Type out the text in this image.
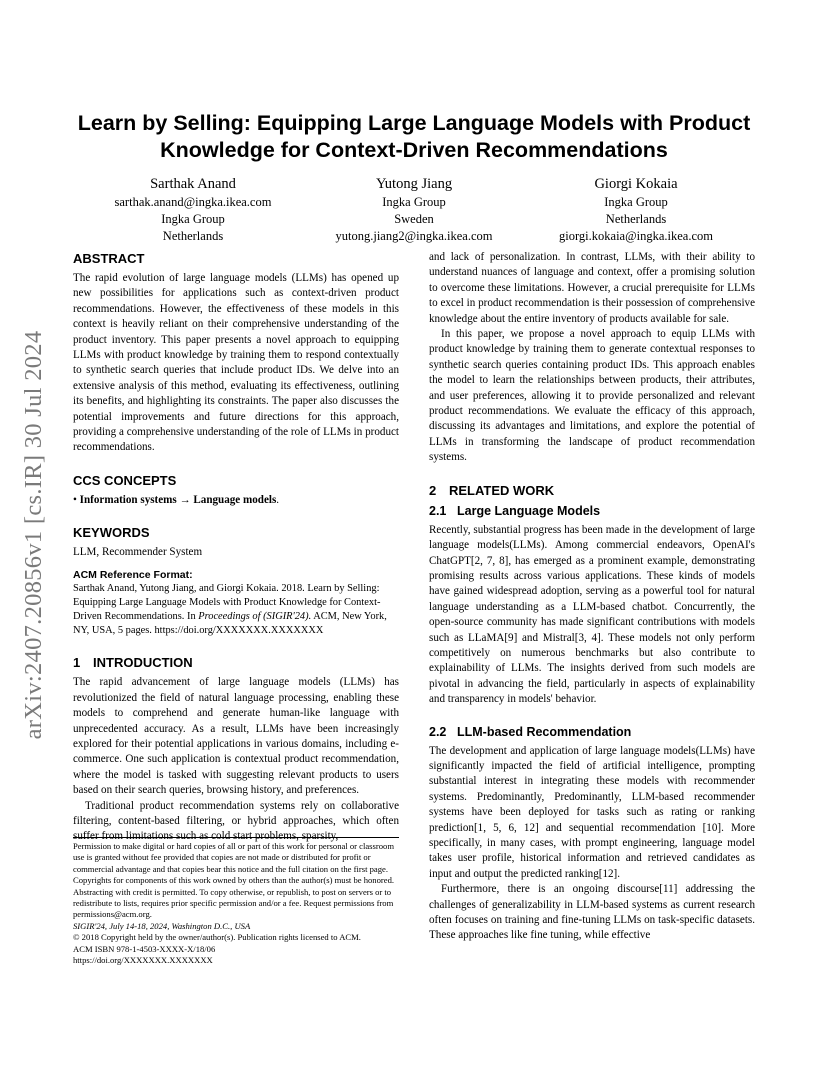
arXiv:2407.20856v1 [cs.IR] 30 Jul 2024
Learn by Selling: Equipping Large Language Models with Product
Knowledge for Context-Driven Recommendations
Sarthak Anand
sarthak.anand@ingka.ikea.com
Ingka Group
Netherlands
Yutong Jiang
Ingka Group
Sweden
yutong.jiang2@ingka.ikea.com
Giorgi Kokaia
Ingka Group
Netherlands
giorgi.kokaia@ingka.ikea.com
ABSTRACT

The rapid evolution of large language models (LLMs) has opened up new possibilities for applications such as context-driven product recommendations. However, the effectiveness of these models in this context is heavily reliant on their comprehensive understanding of the product inventory. This paper presents a novel approach to equipping LLMs with product knowledge by training them to respond contextually to synthetic search queries that include product IDs. We delve into an extensive analysis of this method, evaluating its effectiveness, outlining its benefits, and highlighting its constraints. The paper also discusses the potential improvements and future directions for this approach, providing a comprehensive understanding of the role of LLMs in product recommendations.

CCS CONCEPTS

• Information systems → Language models.

KEYWORDS

LLM, Recommender System

ACM Reference Format:

Sarthak Anand, Yutong Jiang, and Giorgi Kokaia. 2018. Learn by Selling: Equipping Large Language Models with Product Knowledge for Context-Driven Recommendations. In Proceedings of (SIGIR'24). ACM, New York, NY, USA, 5 pages. https://doi.org/XXXXXXX.XXXXXXX

1 INTRODUCTION

The rapid advancement of large language models (LLMs) has revolutionized the field of natural language processing, enabling these models to comprehend and generate human-like language with unprecedented accuracy. As a result, LLMs have been increasingly explored for their potential applications in various domains, including e-commerce. One such application is contextual product recommendation, where the model is tasked with suggesting relevant products to users based on their search queries, browsing history, and preferences.

Traditional product recommendation systems rely on collaborative filtering, content-based filtering, or hybrid approaches, which often suffer from limitations such as cold start problems, sparsity,

Permission to make digital or hard copies of all or part of this work for personal or classroom use is granted without fee provided that copies are not made or distributed for profit or commercial advantage and that copies bear this notice and the full citation on the first page. Copyrights for components of this work owned by others than the author(s) must be honored. Abstracting with credit is permitted. To copy otherwise, or republish, to post on servers or to redistribute to lists, requires prior specific permission and/or a fee. Request permissions from permissions@acm.org.

SIGIR'24, July 14-18, 2024, Washington D.C., USA

© 2018 Copyright held by the owner/author(s). Publication rights licensed to ACM.

ACM ISBN 978-1-4503-XXXX-X/18/06

https://doi.org/XXXXXXX.XXXXXXX

and lack of personalization. In contrast, LLMs, with their ability to understand nuances of language and context, offer a promising solution to overcome these limitations. However, a crucial prerequisite for LLMs to excel in product recommendation is their possession of comprehensive knowledge about the entire inventory of products available for sale.

In this paper, we propose a novel approach to equip LLMs with product knowledge by training them to generate contextual responses to synthetic search queries containing product IDs. This approach enables the model to learn the relationships between products, their attributes, and user preferences, allowing it to provide personalized and relevant product recommendations. We evaluate the efficacy of this approach, discussing its advantages and limitations, and explore the potential of LLMs in transforming the landscape of product recommendation systems.

2 RELATED WORK
2.1 Large Language Models

Recently, substantial progress has been made in the development of large language models(LLMs). Among commercial endeavors, OpenAI's ChatGPT[2, 7, 8], has emerged as a prominent example, demonstrating promising results across various applications. These kinds of models have gained widespread adoption, serving as a powerful tool for natural language understanding as a LLM-based chatbot. Concurrently, the open-source community has made significant contributions with models such as LLaMA[9] and Mistral[3, 4]. These models not only perform competitively on numerous benchmarks but also contribute to explainability of LLMs. The insights derived from such models are pivotal in advancing the field, particularly in aspects of explainability and transparency in models' behavior.

2.2 LLM-based Recommendation

The development and application of large language models(LLMs) have significantly impacted the field of artificial intelligence, prompting substantial interest in integrating these models with recommender systems. Predominantly, Predominantly, LLM-based recommender systems have been deployed for tasks such as rating or ranking prediction[1, 5, 6, 12] and sequential recommendation [10]. More specifically, in many cases, with prompt engineering, language model takes user profile, historical information and retrieved candidates as input and output the predicted ranking[12].

Furthermore, there is an ongoing discourse[11] addressing the challenges of generalizability in LLM-based systems as current research often focuses on training and fine-tuning LLMs on task-specific datasets. These approaches like fine tuning, while effective
